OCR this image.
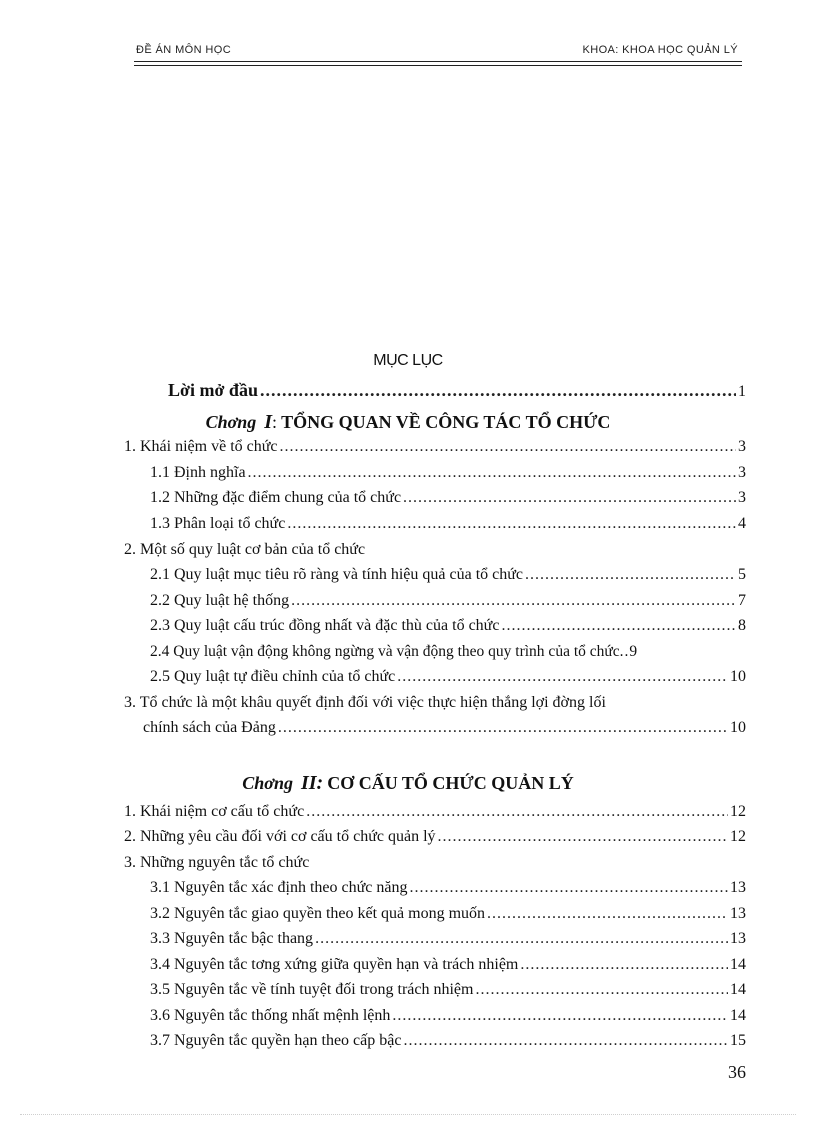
ĐỀ ÁN MÔN HỌC	KHOA: KHOA HỌC QUẢN LÝ
MỤC LỤC
Lời mở đầu .....	1
Chơng I: TỔNG QUAN VỀ CÔNG TÁC TỔ CHỨC
1. Khái niệm về tổ chức .....	3
1.1 Định nghĩa .....	3
1.2 Những đặc điểm chung của tổ chức .....	3
1.3 Phân loại tổ chức .....	4
2. Một số quy luật cơ bản của tổ chức
2.1 Quy luật mục tiêu rõ ràng và tính hiệu quả của tổ chức .....	5
2.2 Quy luật hệ thống .....	7
2.3 Quy luật cấu trúc đồng nhất và đặc thù của tổ chức .....	8
2.4 Quy luật vận động không ngừng và vận động theo quy trình của tổ chức .. 9
2.5 Quy luật tự điều chỉnh của tổ chức .....	10
3. Tổ chức là một khâu quyết định đối với việc thực hiện thắng lợi đờng lối
chính sách của Đảng .....	10
Chơng II: CƠ CẤU TỔ CHỨC QUẢN LÝ
1. Khái niệm cơ cấu tổ chức .....	12
2. Những yêu cầu đối với cơ cấu tổ chức quản lý .....	12
3. Những nguyên tắc tổ chức
3.1 Nguyên tắc xác định theo chức năng .....	13
3.2 Nguyên tắc giao quyền theo kết quả mong muốn .....	13
3.3 Nguyên tắc bậc thang .....	13
3.4 Nguyên tắc tơng xứng giữa quyền hạn và trách nhiệm .....	14
3.5 Nguyên tắc về tính tuyệt đối trong trách nhiệm .....	14
3.6 Nguyên tắc thống nhất mệnh lệnh .....	14
3.7 Nguyên tắc quyền hạn theo cấp bậc .....	15
36
